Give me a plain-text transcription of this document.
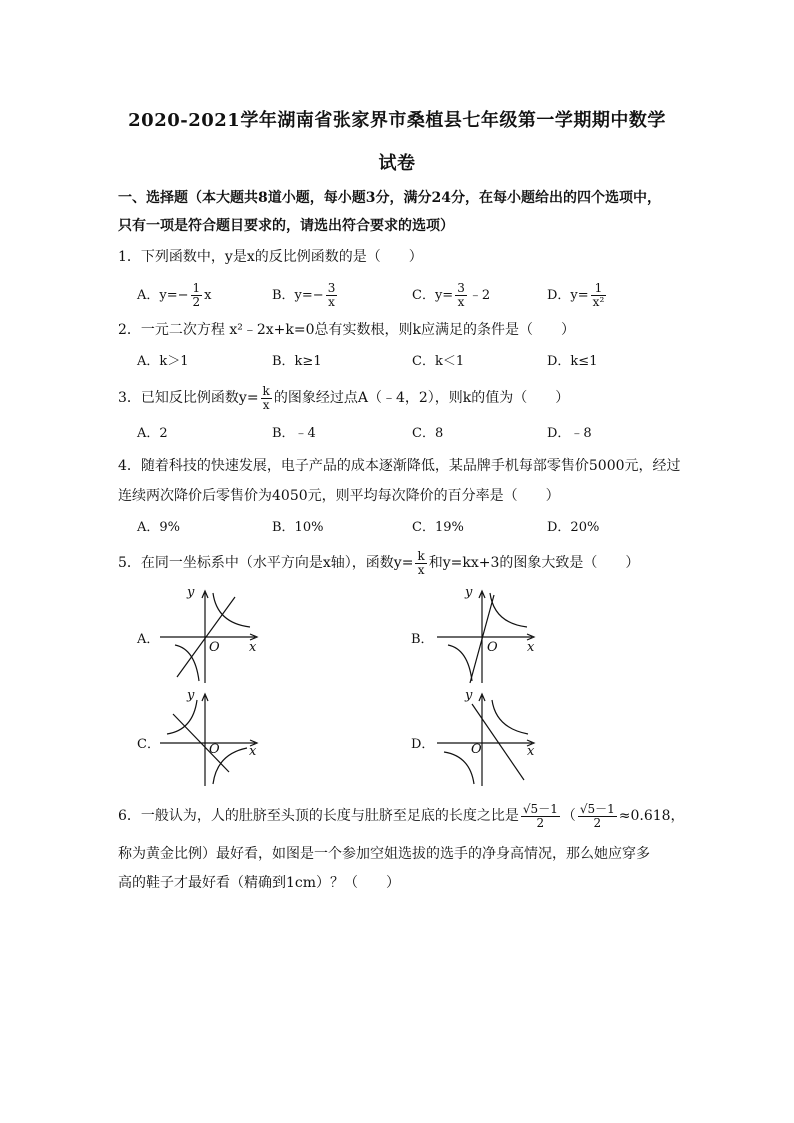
2020-2021学年湖南省张家界市桑植县七年级第一学期期中数学
试卷
一、选择题（本大题共8道小题，每小题3分，满分24分，在每小题给出的四个选项中，
只有一项是符合题目要求的，请选出符合要求的选项）
1．下列函数中，y是x的反比例函数的是（　　）
A．$y=- \frac{1}{2}$ x	B．$y=- \frac{3}{x}$	C．$y= \frac{3}{x}$ ﹣2	D．$y= \frac{1}{\text{x²}}$
2．一元二次方程 x²﹣2x+k=0总有实数根，则k应满足的条件是（　　）
A．k＞1	B．k≥1	C．k＜1	D．k≤1
3．已知反比例函数$y= \frac{k}{x}$ 的图象经过点A（﹣4，2），则k的值为（　　）
A．2	B．﹣4	C．8	D．﹣8
4．随着科技的快速发展，电子产品的成本逐渐降低，某品牌手机每部零售价5000元，经过
连续两次降价后零售价为4050元，则平均每次降价的百分率是（　　）
A．9%	B．10%	C．19%	D．20%
5．在同一坐标系中（水平方向是x轴），函数$y= \frac{k}{x}$ 和y=kx+3的图象大致是（　　）
A．
y
x
O
B．
y
x
O
C．
y
x
O	D．
y
x
O
6．一般认为，人的肚脐至头顶的长度与肚脐至足底的长度之比是 $\frac{√5-1}{2}$ （ $\frac{√5-1}{2} \approx 0.618$，
称为黄金比例）最好看，如图是一个参加空姐选拔的选手的净身高情况，那么她应穿多
高的鞋子才最好看（精确到1cm）？（　　）
